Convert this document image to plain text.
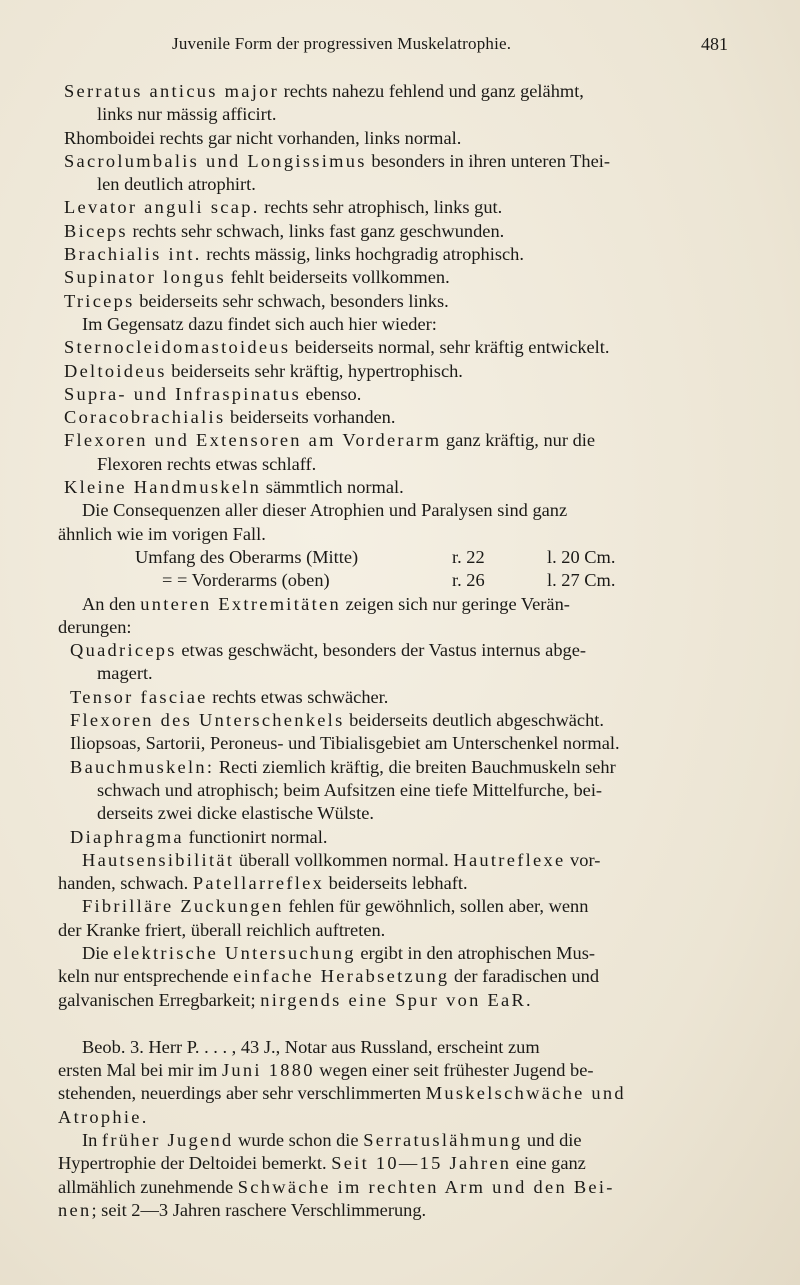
Juvenile Form der progressiven Muskelatrophie.	481
Serratus anticus major rechts nahezu fehlend und ganz gelähmt,
links nur mässig afficirt.
Rhomboidei rechts gar nicht vorhanden, links normal.
Sacrolumbalis und Longissimus besonders in ihren unteren Thei-
len deutlich atrophirt.
Levator anguli scap. rechts sehr atrophisch, links gut.
Biceps rechts sehr schwach, links fast ganz geschwunden.
Brachialis int. rechts mässig, links hochgradig atrophisch.
Supinator longus fehlt beiderseits vollkommen.
Triceps beiderseits sehr schwach, besonders links.
Im Gegensatz dazu findet sich auch hier wieder:
Sternocleidomastoideus beiderseits normal, sehr kräftig entwickelt.
Deltoideus beiderseits sehr kräftig, hypertrophisch.
Supra- und Infraspinatus ebenso.
Coracobrachialis beiderseits vorhanden.
Flexoren und Extensoren am Vorderarm ganz kräftig, nur die
Flexoren rechts etwas schlaff.
Kleine Handmuskeln sämmtlich normal.
Die Consequenzen aller dieser Atrophien und Paralysen sind ganz
ähnlich wie im vorigen Fall.
Umfang des Oberarms (Mitte)	r. 22	l. 20 Cm.
= = Vorderarms (oben)	r. 26	l. 27 Cm.
An den unteren Extremitäten zeigen sich nur geringe Verän-
derungen:
Quadriceps etwas geschwächt, besonders der Vastus internus abge-
magert.
Tensor fasciae rechts etwas schwächer.
Flexoren des Unterschenkels beiderseits deutlich abgeschwächt.
Iliopsoas, Sartorii, Peroneus- und Tibialisgebiet am Unterschenkel normal.
Bauchmuskeln: Recti ziemlich kräftig, die breiten Bauchmuskeln sehr
schwach und atrophisch; beim Aufsitzen eine tiefe Mittelfurche, bei-
derseits zwei dicke elastische Wülste.
Diaphragma functionirt normal.
Hautsensibilität überall vollkommen normal. Hautreflexe vor-
handen, schwach. Patellarreflex beiderseits lebhaft.
Fibrilläre Zuckungen fehlen für gewöhnlich, sollen aber, wenn
der Kranke friert, überall reichlich auftreten.
Die elektrische Untersuchung ergibt in den atrophischen Mus-
keln nur entsprechende einfache Herabsetzung der faradischen und
galvanischen Erregbarkeit; nirgends eine Spur von EaR.
Beob. 3. Herr P. . . . , 43 J., Notar aus Russland, erscheint zum
ersten Mal bei mir im Juni 1880 wegen einer seit frühester Jugend be-
stehenden, neuerdings aber sehr verschlimmerten Muskelschwäche und
Atrophie.
In früher Jugend wurde schon die Serratuslähmung und die
Hypertrophie der Deltoidei bemerkt. Seit 10—15 Jahren eine ganz
allmählich zunehmende Schwäche im rechten Arm und den Bei-
nen; seit 2—3 Jahren raschere Verschlimmerung.
